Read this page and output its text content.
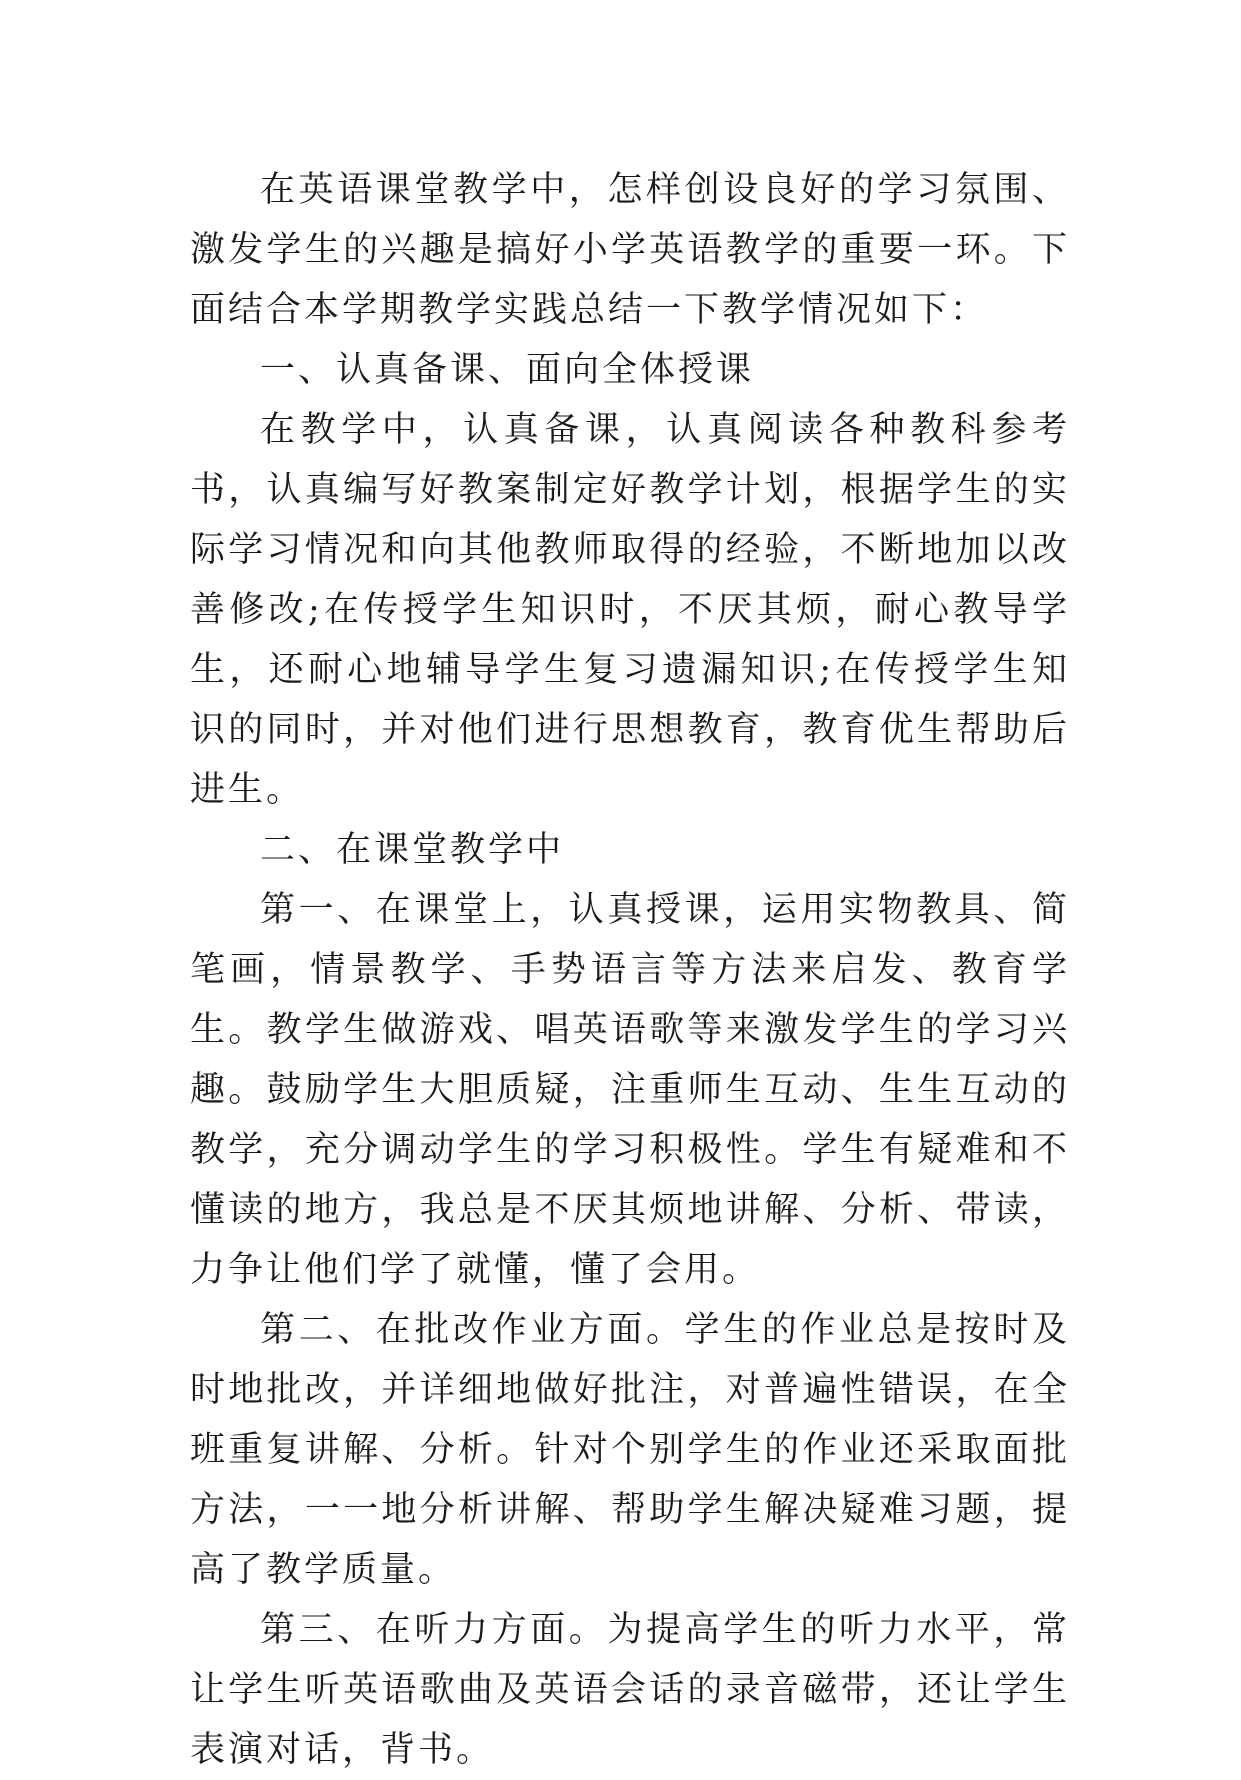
在英语课堂教学中，怎样创设良好的学习氛围、激发学生的兴趣是搞好小学英语教学的重要一环。下面结合本学期教学实践总结一下教学情况如下：

一、认真备课、面向全体授课

在教学中，认真备课，认真阅读各种教科参考书，认真编写好教案制定好教学计划，根据学生的实际学习情况和向其他教师取得的经验，不断地加以改善修改;在传授学生知识时，不厌其烦，耐心教导学生，还耐心地辅导学生复习遗漏知识;在传授学生知识的同时，并对他们进行思想教育，教育优生帮助后进生。

二、在课堂教学中

第一、在课堂上，认真授课，运用实物教具、简笔画，情景教学、手势语言等方法来启发、教育学生。教学生做游戏、唱英语歌等来激发学生的学习兴趣。鼓励学生大胆质疑，注重师生互动、生生互动的教学，充分调动学生的学习积极性。学生有疑难和不懂读的地方，我总是不厌其烦地讲解、分析、带读，力争让他们学了就懂，懂了会用。

第二、在批改作业方面。学生的作业总是按时及时地批改，并详细地做好批注，对普遍性错误，在全班重复讲解、分析。针对个别学生的作业还采取面批方法，一一地分析讲解、帮助学生解决疑难习题，提高了教学质量。

第三、在听力方面。为提高学生的听力水平，常让学生听英语歌曲及英语会话的录音磁带，还让学生表演对话，背书。
